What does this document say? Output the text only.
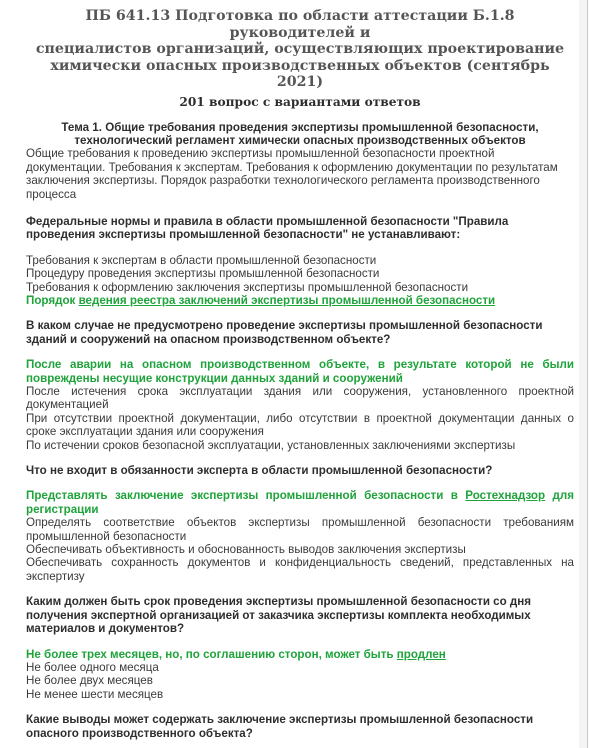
ПБ 641.13 Подготовка по области аттестации Б.1.8 руководителей и
специалистов организаций, осуществляющих проектирование
химически опасных производственных объектов (сентябрь 2021)
201 вопрос с вариантами ответов
Тема 1. Общие требования проведения экспертизы промышленной безопасности,
технологический регламент химически опасных производственных объектов
Общие требования к проведению экспертизы промышленной безопасности проектной документации. Требования к экспертам. Требования к оформлению документации по результатам заключения экспертизы. Порядок разработки технологического регламента производственного процесса
Федеральные нормы и правила в области промышленной безопасности "Правила проведения экспертизы промышленной безопасности" не устанавливают:
Требования к экспертам в области промышленной безопасности
Процедуру проведения экспертизы промышленной безопасности
Требования к оформлению заключения экспертизы промышленной безопасности
Порядок ведения реестра заключений экспертизы промышленной безопасности
В каком случае не предусмотрено проведение экспертизы промышленной безопасности зданий и сооружений на опасном производственном объекте?
После аварии на опасном производственном объекте, в результате которой не были повреждены несущие конструкции данных зданий и сооружений
После истечения срока эксплуатации здания или сооружения, установленного проектной документацией
При отсутствии проектной документации, либо отсутствии в проектной документации данных о сроке эксплуатации здания или сооружения
По истечении сроков безопасной эксплуатации, установленных заключениями экспертизы
Что не входит в обязанности эксперта в области промышленной безопасности?
Представлять заключение экспертизы промышленной безопасности в Ростехнадзор для регистрации
Определять соответствие объектов экспертизы промышленной безопасности требованиям промышленной безопасности
Обеспечивать объективность и обоснованность выводов заключения экспертизы
Обеспечивать сохранность документов и конфиденциальность сведений, представленных на экспертизу
Каким должен быть срок проведения экспертизы промышленной безопасности со дня получения экспертной организацией от заказчика экспертизы комплекта необходимых материалов и документов?
Не более трех месяцев, но, по соглашению сторон, может быть продлен
Не более одного месяца
Не более двух месяцев
Не менее шести месяцев
Какие выводы может содержать заключение экспертизы промышленной безопасности опасного производственного объекта?
